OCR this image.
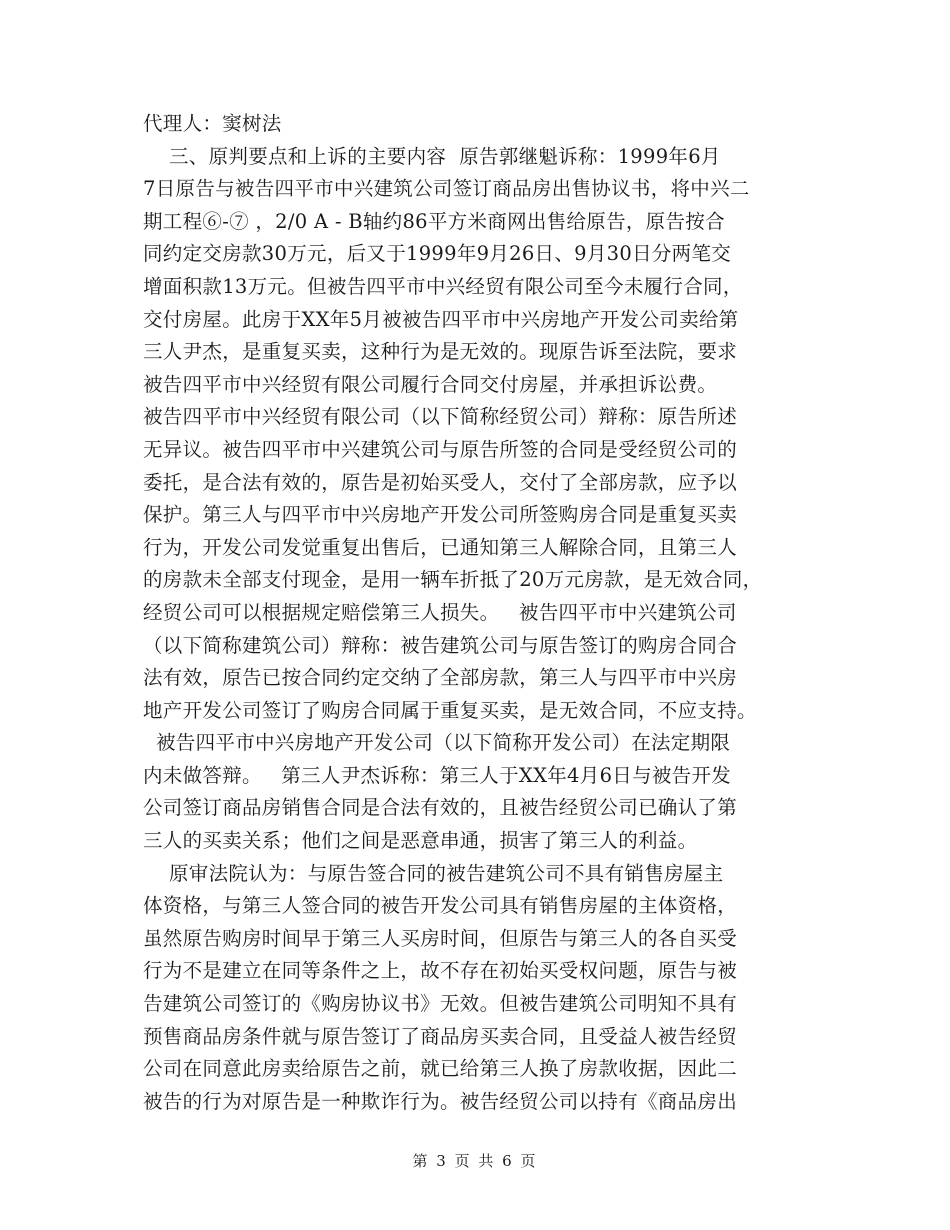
代理人：窦树法
三、原判要点和上诉的主要内容  原告郭继魁诉称：1999年6月
7日原告与被告四平市中兴建筑公司签订商品房出售协议书，将中兴二
期工程⑥-⑦ ，2/0 A - B轴约86平方米商网出售给原告，原告按合
同约定交房款30万元，后又于1999年9月26日、9月30日分两笔交
增面积款13万元。但被告四平市中兴经贸有限公司至今未履行合同，
交付房屋。此房于XX年5月被被告四平市中兴房地产开发公司卖给第
三人尹杰，是重复买卖，这种行为是无效的。现原告诉至法院，要求
被告四平市中兴经贸有限公司履行合同交付房屋，并承担诉讼费。
被告四平市中兴经贸有限公司（以下简称经贸公司）辩称：原告所述
无异议。被告四平市中兴建筑公司与原告所签的合同是受经贸公司的
委托，是合法有效的，原告是初始买受人，交付了全部房款，应予以
保护。第三人与四平市中兴房地产开发公司所签购房合同是重复买卖
行为，开发公司发觉重复出售后，已通知第三人解除合同，且第三人
的房款未全部支付现金，是用一辆车折抵了20万元房款，是无效合同，
经贸公司可以根据规定赔偿第三人损失。   被告四平市中兴建筑公司
（以下简称建筑公司）辩称：被告建筑公司与原告签订的购房合同合
法有效，原告已按合同约定交纳了全部房款，第三人与四平市中兴房
地产开发公司签订了购房合同属于重复买卖，是无效合同，不应支持。
被告四平市中兴房地产开发公司（以下简称开发公司）在法定期限
内未做答辩。   第三人尹杰诉称：第三人于XX年4月6日与被告开发
公司签订商品房销售合同是合法有效的，且被告经贸公司已确认了第
三人的买卖关系；他们之间是恶意串通，损害了第三人的利益。
原审法院认为：与原告签合同的被告建筑公司不具有销售房屋主
体资格，与第三人签合同的被告开发公司具有销售房屋的主体资格，
虽然原告购房时间早于第三人买房时间，但原告与第三人的各自买受
行为不是建立在同等条件之上，故不存在初始买受权问题，原告与被
告建筑公司签订的《购房协议书》无效。但被告建筑公司明知不具有
预售商品房条件就与原告签订了商品房买卖合同，且受益人被告经贸
公司在同意此房卖给原告之前，就已给第三人换了房款收据，因此二
被告的行为对原告是一种欺诈行为。被告经贸公司以持有《商品房出
第 3 页 共 6 页
